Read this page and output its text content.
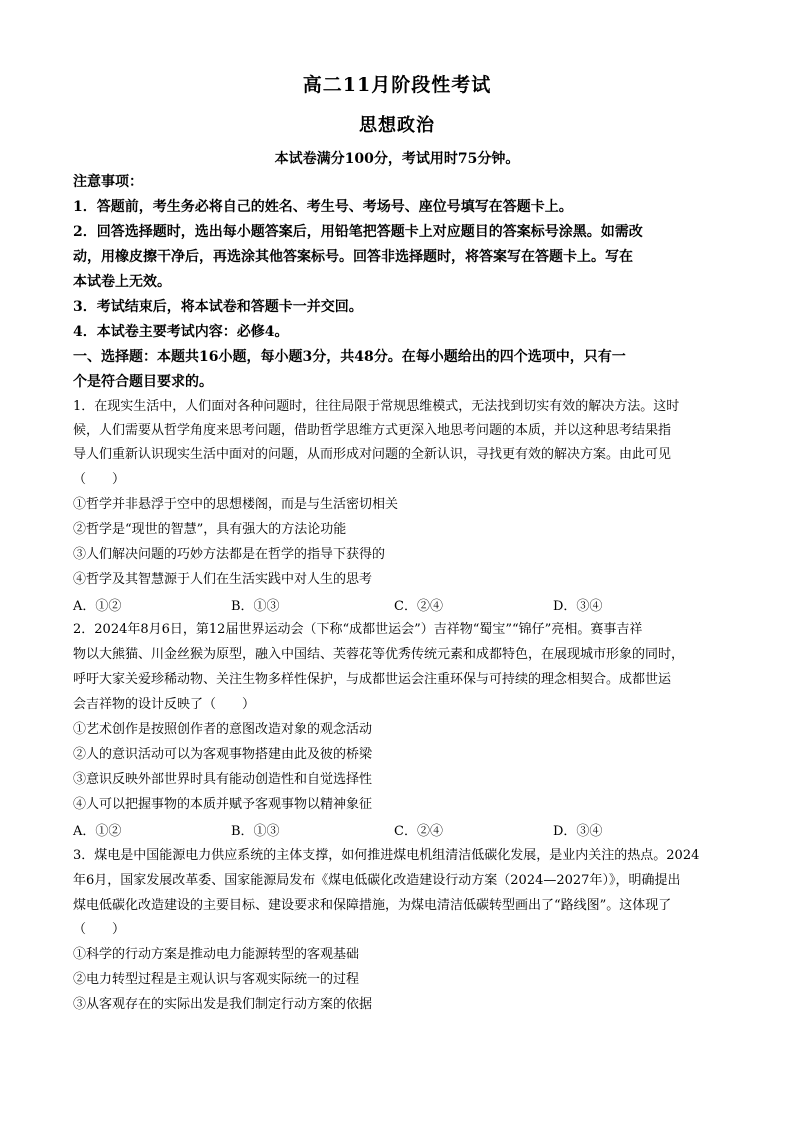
高二11月阶段性考试
思想政治
本试卷满分100分，考试用时75分钟。
注意事项：
1．答题前，考生务必将自己的姓名、考生号、考场号、座位号填写在答题卡上。
2．回答选择题时，选出每小题答案后，用铅笔把答题卡上对应题目的答案标号涂黑。如需改
动，用橡皮擦干净后，再选涂其他答案标号。回答非选择题时，将答案写在答题卡上。写在
本试卷上无效。
3．考试结束后，将本试卷和答题卡一并交回。
4．本试卷主要考试内容：必修4。
一、选择题：本题共16小题，每小题3分，共48分。在每小题给出的四个选项中，只有一
个是符合题目要求的。
1．在现实生活中，人们面对各种问题时，往往局限于常规思维模式，无法找到切实有效的解决方法。这时
候，人们需要从哲学角度来思考问题，借助哲学思维方式更深入地思考问题的本质，并以这种思考结果指
导人们重新认识现实生活中面对的问题，从而形成对问题的全新认识，寻找更有效的解决方案。由此可见
（　　）
①哲学并非悬浮于空中的思想楼阁，而是与生活密切相关
②哲学是“现世的智慧”，具有强大的方法论功能
③人们解决问题的巧妙方法都是在哲学的指导下获得的
④哲学及其智慧源于人们在生活实践中对人生的思考
A．①②	B．①③	C．②④	D．③④
2．2024年8月6日，第12届世界运动会（下称“成都世运会”）吉祥物“蜀宝”“锦仔”亮相。赛事吉祥
物以大熊猫、川金丝猴为原型，融入中国结、芙蓉花等优秀传统元素和成都特色，在展现城市形象的同时，
呼吁大家关爱珍稀动物、关注生物多样性保护，与成都世运会注重环保与可持续的理念相契合。成都世运
会吉祥物的设计反映了（　　）
①艺术创作是按照创作者的意图改造对象的观念活动
②人的意识活动可以为客观事物搭建由此及彼的桥梁
③意识反映外部世界时具有能动创造性和自觉选择性
④人可以把握事物的本质并赋予客观事物以精神象征
A．①②	B．①③	C．②④	D．③④
3．煤电是中国能源电力供应系统的主体支撑，如何推进煤电机组清洁低碳化发展，是业内关注的热点。2024
年6月，国家发展改革委、国家能源局发布《煤电低碳化改造建设行动方案（2024—2027年）》，明确提出
煤电低碳化改造建设的主要目标、建设要求和保障措施，为煤电清洁低碳转型画出了“路线图”。这体现了
（　　）
①科学的行动方案是推动电力能源转型的客观基础
②电力转型过程是主观认识与客观实际统一的过程
③从客观存在的实际出发是我们制定行动方案的依据
